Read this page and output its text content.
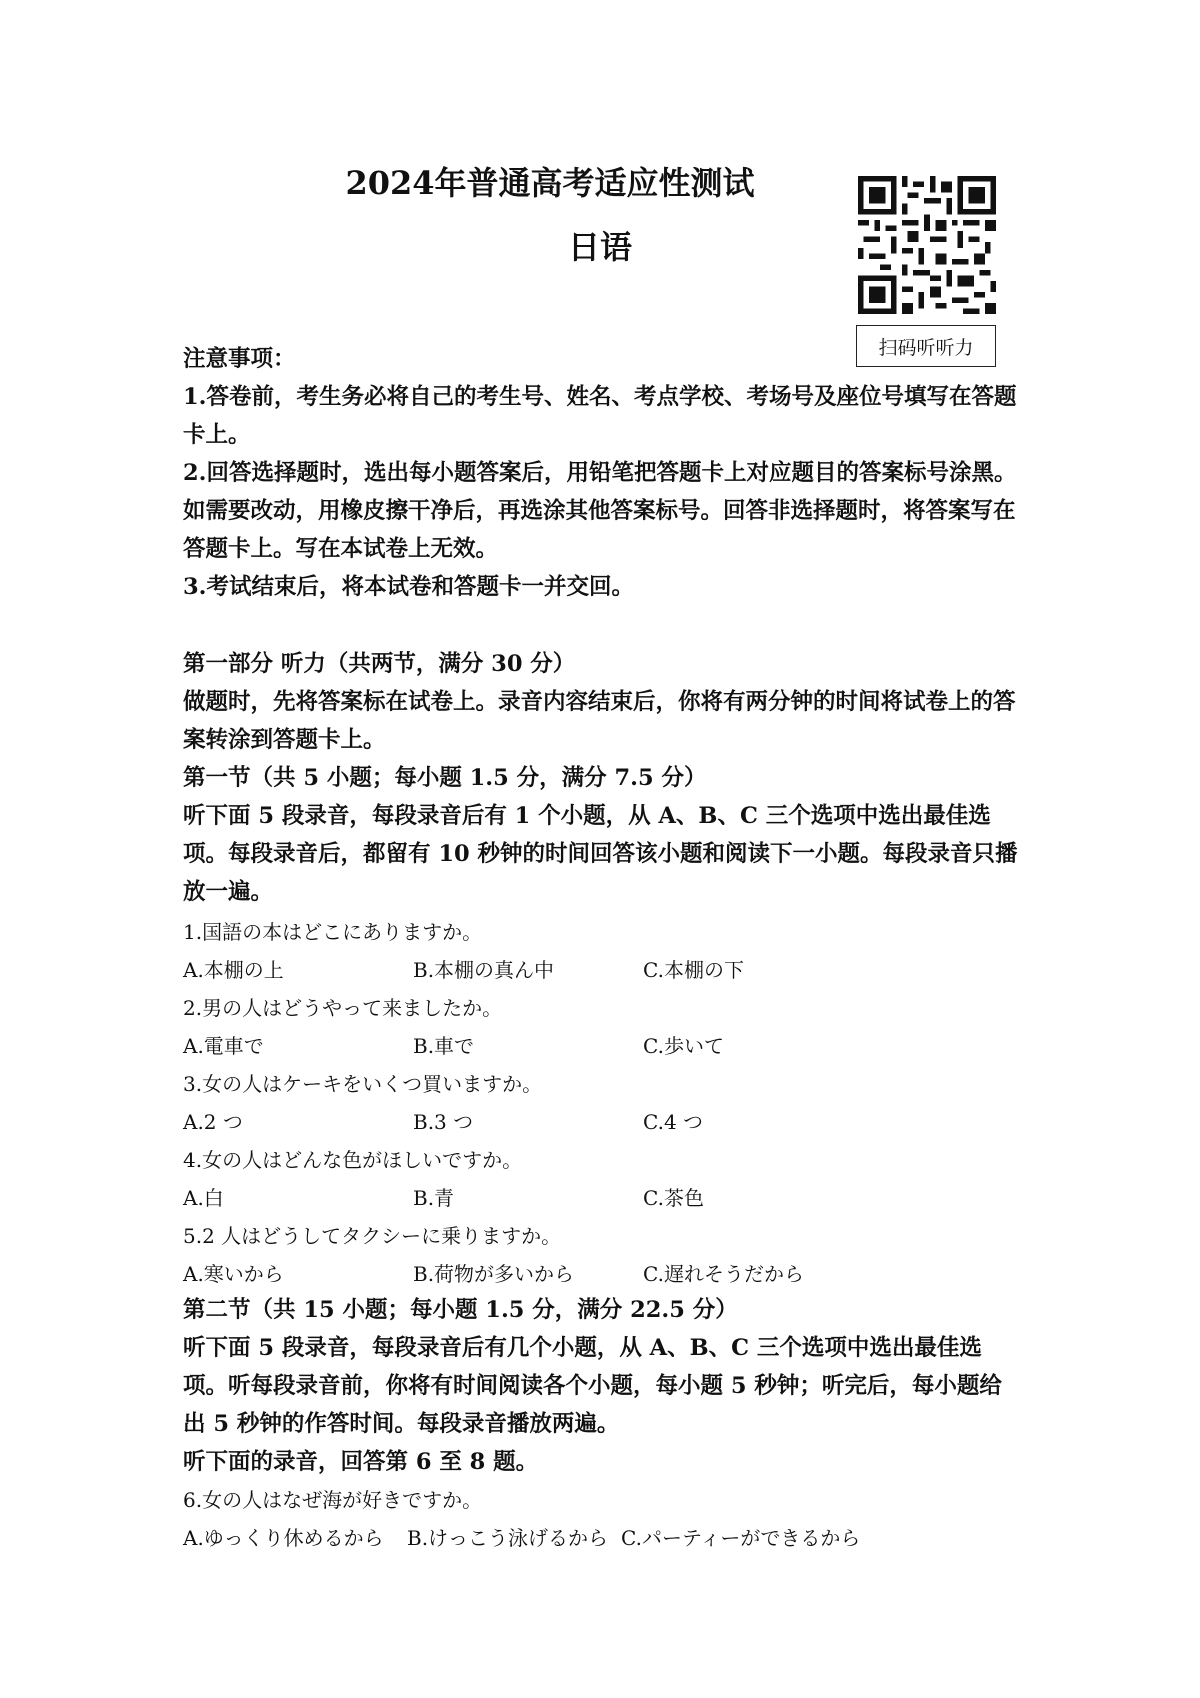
2024年普通高考适应性测试
日语
扫码听听力
注意事项：
1.答卷前，考生务必将自己的考生号、姓名、考点学校、考场号及座位号填写在答题卡上。
2.回答选择题时，选出每小题答案后，用铅笔把答题卡上对应题目的答案标号涂黑。如需要改动，用橡皮擦干净后，再选涂其他答案标号。回答非选择题时，将答案写在答题卡上。写在本试卷上无效。
3.考试结束后，将本试卷和答题卡一并交回。
第一部分 听力（共两节，满分 30 分）
做题时，先将答案标在试卷上。录音内容结束后，你将有两分钟的时间将试卷上的答案转涂到答题卡上。
第一节（共 5 小题；每小题 1.5 分，满分 7.5 分）
听下面 5 段录音，每段录音后有 1 个小题，从 A、B、C 三个选项中选出最佳选项。每段录音后，都留有 10 秒钟的时间回答该小题和阅读下一小题。每段录音只播放一遍。
1.国語の本はどこにありますか。
A.本棚の上	B.本棚の真ん中	C.本棚の下
2.男の人はどうやって来ましたか。
A.電車で	B.車で	C.歩いて
3.女の人はケーキをいくつ買いますか。
A.2 つ	B.3 つ	C.4 つ
4.女の人はどんな色がほしいですか。
A.白	B.青	C.茶色
5.2 人はどうしてタクシーに乗りますか。
A.寒いから	B.荷物が多いから	C.遅れそうだから
第二节（共 15 小题；每小题 1.5 分，满分 22.5 分）
听下面 5 段录音，每段录音后有几个小题，从 A、B、C 三个选项中选出最佳选项。听每段录音前，你将有时间阅读各个小题，每小题 5 秒钟；听完后，每小题给出 5 秒钟的作答时间。每段录音播放两遍。
听下面的录音，回答第 6 至 8 题。
6.女の人はなぜ海が好きですか。
A.ゆっくり休めるから	B.けっこう泳げるから C.パーティーができるから
